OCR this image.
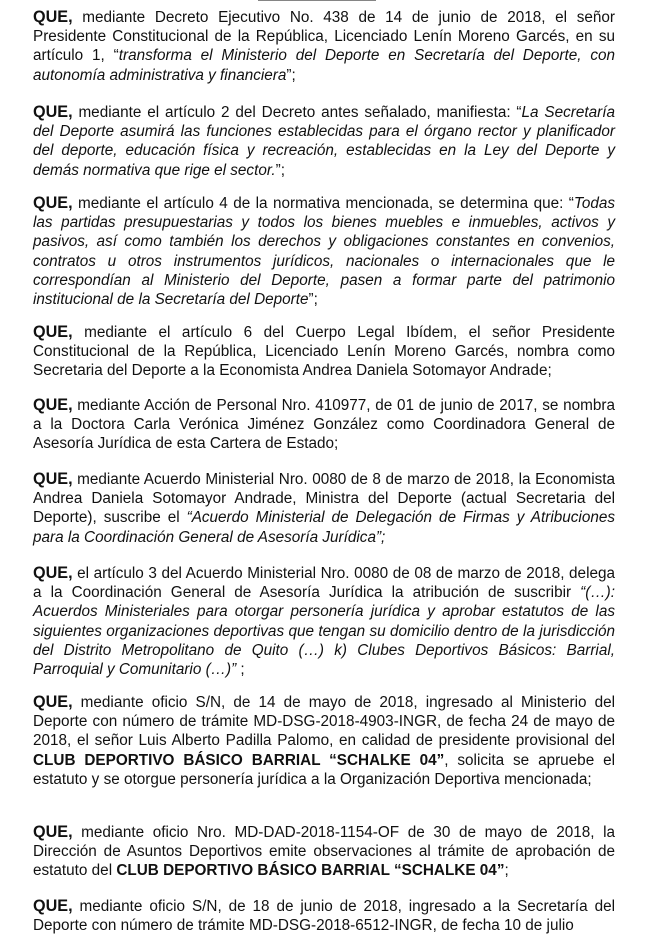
QUE, mediante Decreto Ejecutivo No. 438 de 14 de junio de 2018, el señor Presidente Constitucional de la República, Licenciado Lenín Moreno Garcés, en su artículo 1, “transforma el Ministerio del Deporte en Secretaría del Deporte, con autonomía administrativa y financiera”;

QUE, mediante el artículo 2 del Decreto antes señalado, manifiesta: “La Secretaría del Deporte asumirá las funciones establecidas para el órgano rector y planificador del deporte, educación física y recreación, establecidas en la Ley del Deporte y demás normativa que rige el sector.”;

QUE, mediante el artículo 4 de la normativa mencionada, se determina que: “Todas las partidas presupuestarias y todos los bienes muebles e inmuebles, activos y pasivos, así como también los derechos y obligaciones constantes en convenios, contratos u otros instrumentos jurídicos, nacionales o internacionales que le correspondían al Ministerio del Deporte, pasen a formar parte del patrimonio institucional de la Secretaría del Deporte”;

QUE, mediante el artículo 6 del Cuerpo Legal Ibídem, el señor Presidente Constitucional de la República, Licenciado Lenín Moreno Garcés, nombra como Secretaria del Deporte a la Economista Andrea Daniela Sotomayor Andrade;

QUE, mediante Acción de Personal Nro. 410977, de 01 de junio de 2017, se nombra a la Doctora Carla Verónica Jiménez González como Coordinadora General de Asesoría Jurídica de esta Cartera de Estado;

QUE, mediante Acuerdo Ministerial Nro. 0080 de 8 de marzo de 2018, la Economista Andrea Daniela Sotomayor Andrade, Ministra del Deporte (actual Secretaria del Deporte), suscribe el “Acuerdo Ministerial de Delegación de Firmas y Atribuciones para la Coordinación General de Asesoría Jurídica”;

QUE, el artículo 3 del Acuerdo Ministerial Nro. 0080 de 08 de marzo de 2018, delega a la Coordinación General de Asesoría Jurídica la atribución de suscribir “(…): Acuerdos Ministeriales para otorgar personería jurídica y aprobar estatutos de las siguientes organizaciones deportivas que tengan su domicilio dentro de la jurisdicción del Distrito Metropolitano de Quito (…) k) Clubes Deportivos Básicos: Barrial, Parroquial y Comunitario (…)” ;

QUE, mediante oficio S/N, de 14 de mayo de 2018, ingresado al Ministerio del Deporte con número de trámite MD-DSG-2018-4903-INGR, de fecha 24 de mayo de 2018, el señor Luis Alberto Padilla Palomo, en calidad de presidente provisional del CLUB DEPORTIVO BÁSICO BARRIAL “SCHALKE 04”, solicita se apruebe el estatuto y se otorgue personería jurídica a la Organización Deportiva mencionada;

QUE, mediante oficio Nro. MD-DAD-2018-1154-OF de 30 de mayo de 2018, la Dirección de Asuntos Deportivos emite observaciones al trámite de aprobación de estatuto del CLUB DEPORTIVO BÁSICO BARRIAL “SCHALKE 04”;

QUE, mediante oficio S/N, de 18 de junio de 2018, ingresado a la Secretaría del Deporte con número de trámite MD-DSG-2018-6512-INGR, de fecha 10 de julio
